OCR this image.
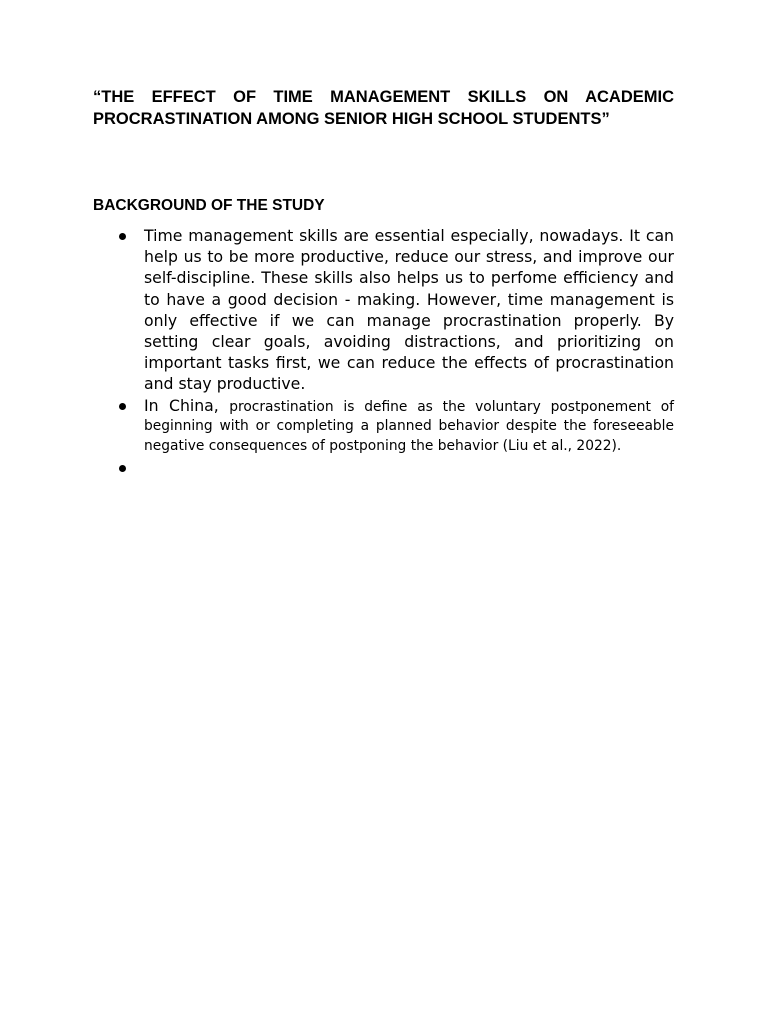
“THE EFFECT OF TIME MANAGEMENT SKILLS ON ACADEMIC PROCRASTINATION AMONG SENIOR HIGH SCHOOL STUDENTS”

BACKGROUND OF THE STUDY

Time management skills are essential especially, nowadays. It can help us to be more productive, reduce our stress, and improve our self-discipline. These skills also helps us to perfome efficiency and to have a good decision - making. However, time management is only effective if we can manage procrastination properly. By setting clear goals, avoiding distractions, and prioritizing on important tasks first, we can reduce the effects of procrastination and stay productive.
In China, procrastination is define as the voluntary postponement of beginning with or completing a planned behavior despite the foreseeable negative consequences of postponing the behavior (Liu et al., 2022).
